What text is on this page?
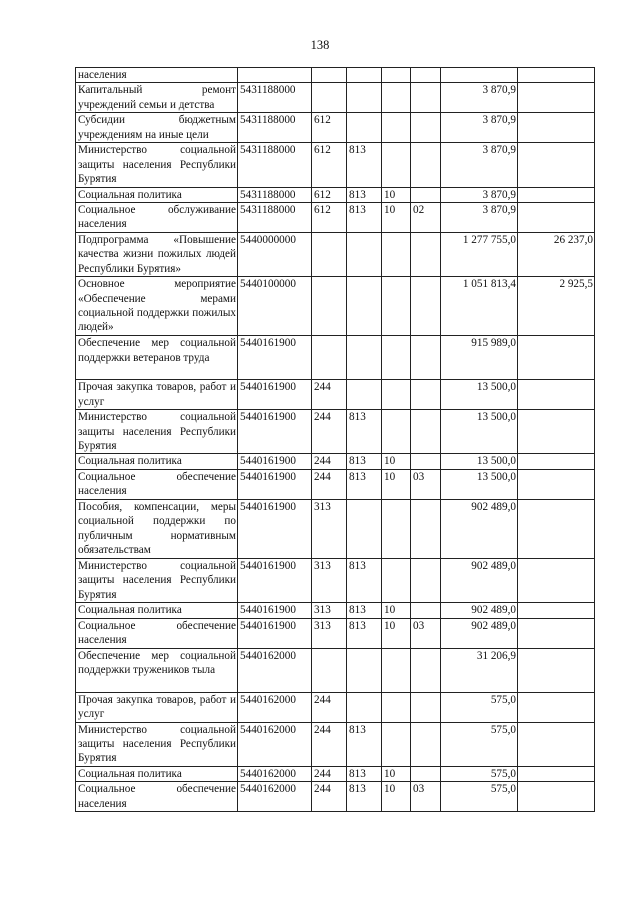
138
населения							
Капитальный ремонт учреждений семьи и детства	5431188000					3 870,9	
Субсидии бюджетным учреждениям на иные цели	5431188000	612				3 870,9	
Министерство социальной защиты населения Республики Бурятия	5431188000	612	813			3 870,9	
Социальная политика	5431188000	612	813	10		3 870,9	
Социальное обслуживание населения	5431188000	612	813	10	02	3 870,9	
Подпрограмма «Повышение качества жизни пожилых людей Республики Бурятия»	5440000000					1 277 755,0	26 237,0
Основное мероприятие «Обеспечение мерами социальной поддержки пожилых людей»	5440100000					1 051 813,4	2 925,5
Обеспечение мер социальной поддержки ветеранов труда	5440161900					915 989,0	
Прочая закупка товаров, работ и услуг	5440161900	244				13 500,0	
Министерство социальной защиты населения Республики Бурятия	5440161900	244	813			13 500,0	
Социальная политика	5440161900	244	813	10		13 500,0	
Социальное обеспечение населения	5440161900	244	813	10	03	13 500,0	
Пособия, компенсации, меры социальной поддержки по публичным нормативным обязательствам	5440161900	313				902 489,0	
Министерство социальной защиты населения Республики Бурятия	5440161900	313	813			902 489,0	
Социальная политика	5440161900	313	813	10		902 489,0	
Социальное обеспечение населения	5440161900	313	813	10	03	902 489,0	
Обеспечение мер социальной поддержки тружеников тыла	5440162000					31 206,9	
Прочая закупка товаров, работ и услуг	5440162000	244				575,0	
Министерство социальной защиты населения Республики Бурятия	5440162000	244	813			575,0	
Социальная политика	5440162000	244	813	10		575,0	
Социальное обеспечение населения	5440162000	244	813	10	03	575,0	
